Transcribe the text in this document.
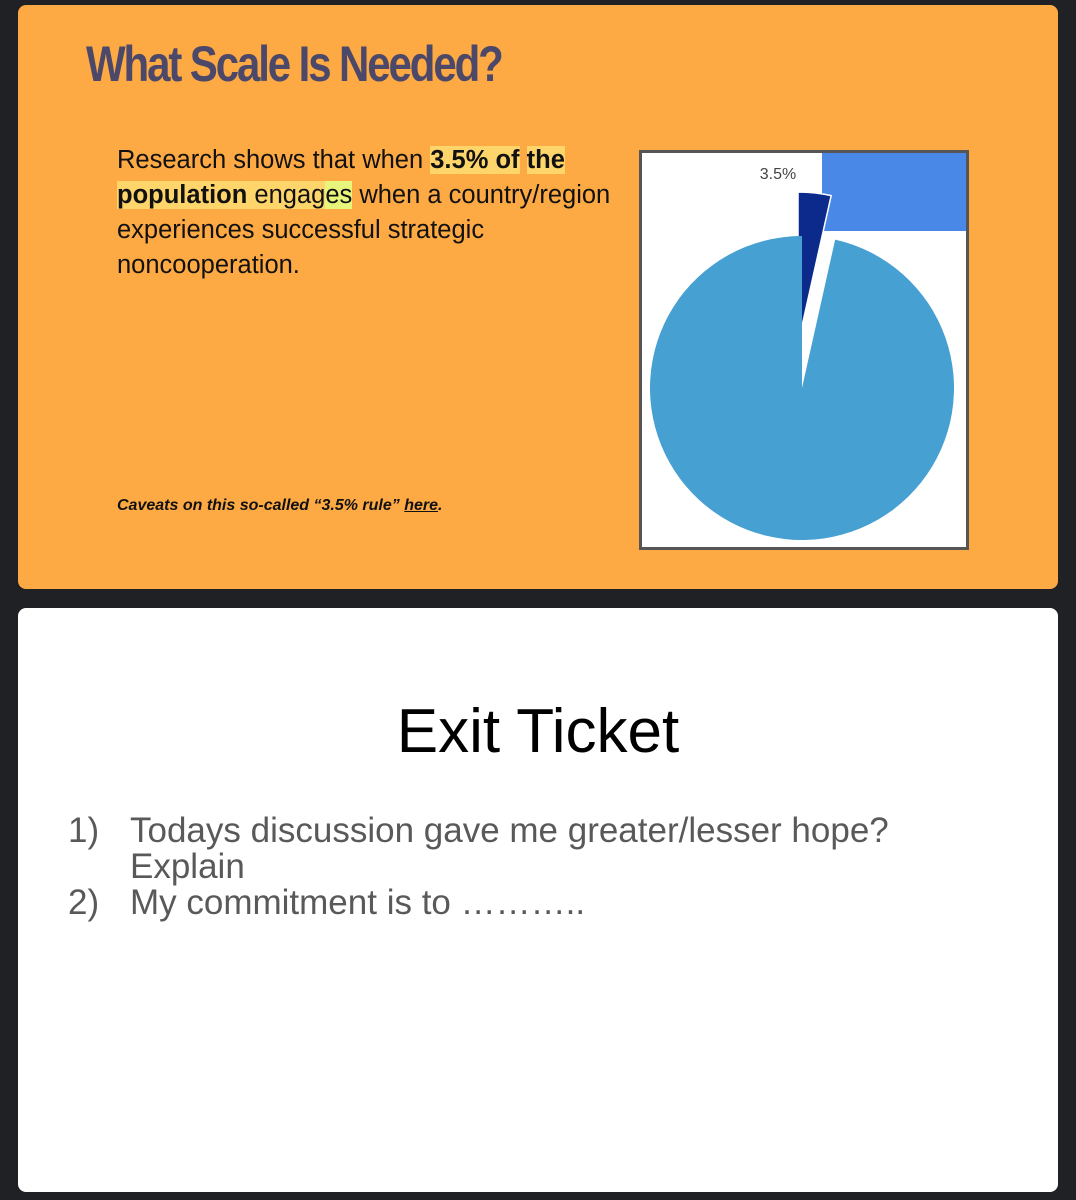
What Scale Is Needed?

Research shows that when 3.5% of the population engages when a country/region experiences successful strategic noncooperation.

Caveats on this so-called “3.5% rule” here.

3.5%
Exit Ticket
1) Todays discussion gave me greater/lesser hope? Explain
2) My commitment is to ………..
